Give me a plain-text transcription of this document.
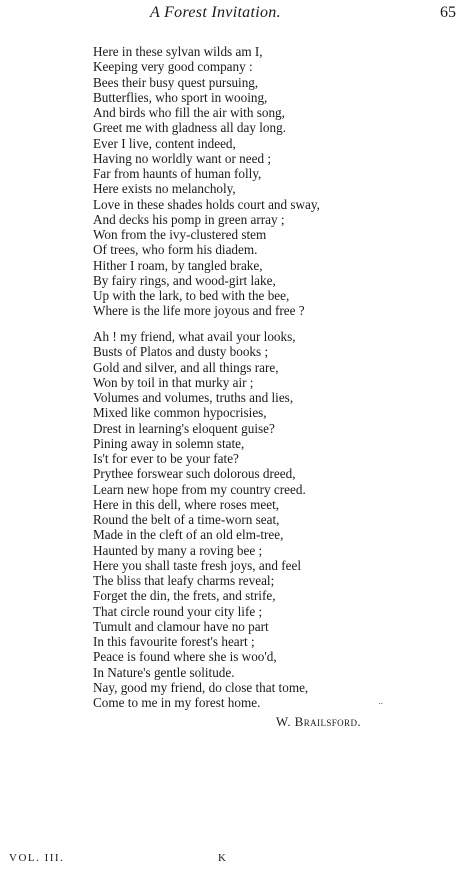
A Forest Invitation.	65
Here in these sylvan wilds am I,
Keeping very good company :
Bees their busy quest pursuing,
Butterflies, who sport in wooing,
And birds who fill the air with song,
Greet me with gladness all day long.
Ever I live, content indeed,
Having no worldly want or need ;
Far from haunts of human folly,
Here exists no melancholy,
Love in these shades holds court and sway,
And decks his pomp in green array ;
Won from the ivy-clustered stem
Of trees, who form his diadem.
Hither I roam, by tangled brake,
By fairy rings, and wood-girt lake,
Up with the lark, to bed with the bee,
Where is the life more joyous and free ?
Ah ! my friend, what avail your looks,
Busts of Platos and dusty books ;
Gold and silver, and all things rare,
Won by toil in that murky air ;
Volumes and volumes, truths and lies,
Mixed like common hypocrisies,
Drest in learning's eloquent guise?
Pining away in solemn state,
Is't for ever to be your fate?
Prythee forswear such dolorous dreed,
Learn new hope from my country creed.
Here in this dell, where roses meet,
Round the belt of a time-worn seat,
Made in the cleft of an old elm-tree,
Haunted by many a roving bee ;
Here you shall taste fresh joys, and feel
The bliss that leafy charms reveal;
Forget the din, the frets, and strife,
That circle round your city life ;
Tumult and clamour have no part
In this favourite forest's heart ;
Peace is found where she is woo'd,
In Nature's gentle solitude.
Nay, good my friend, do close that tome,
Come to me in my forest home.	..
W. Brailsford.
VOL. III.	K
